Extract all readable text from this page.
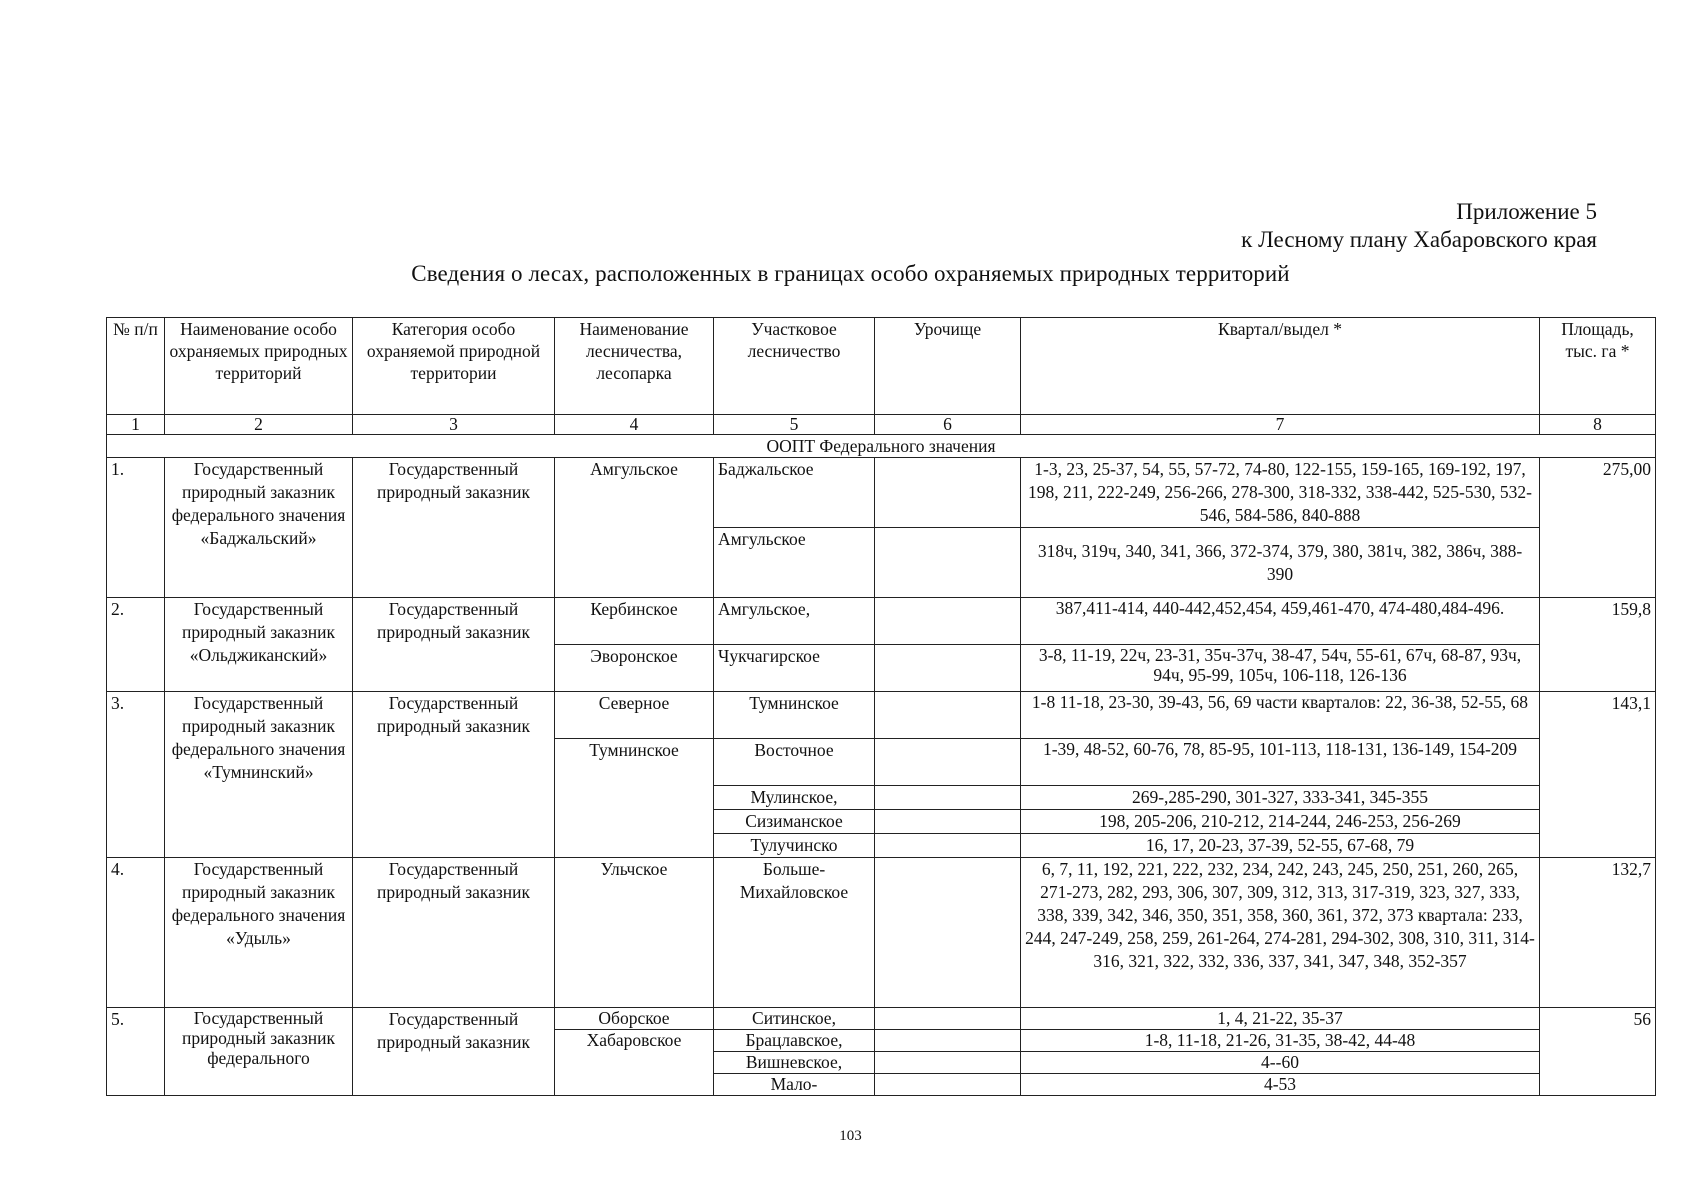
Приложение 5
к Лесному плану Хабаровского края
Сведения о лесах, расположенных в границах особо охраняемых природных территорий
№ п/п	Наименование особо охраняемых природных территорий	Категория особо охраняемой природной территории	Наименование лесничества, лесопарка	Участковое лесничество	Урочище	Квартал/выдел *	Площадь, тыс. га *
1	2	3	4	5	6	7	8
ООПТ Федерального значения							
1.	Государственный природный заказник федерального значения «Баджальский»	Государственный природный заказник	Амгульское	Баджальское		1-3, 23, 25-37, 54, 55, 57-72, 74-80, 122-155, 159-165, 169-192, 197, 198, 211, 222-249, 256-266, 278-300, 318-332, 338-442, 525-530, 532-546, 584-586, 840-888	275,00
				Амгульское		318ч, 319ч, 340, 341, 366, 372-374, 379, 380, 381ч, 382, 386ч, 388-390	
2.	Государственный природный заказник «Ольджиканский»	Государственный природный заказник	Кербинское	Амгульское,		387,411-414, 440-442,452,454, 459,461-470, 474-480,484-496.	159,8
			Эворонское	Чукчагирское		3-8, 11-19, 22ч, 23-31, 35ч-37ч, 38-47, 54ч, 55-61, 67ч, 68-87, 93ч, 94ч, 95-99, 105ч, 106-118, 126-136	
3.	Государственный природный заказник федерального значения «Тумнинский»	Государственный природный заказник	Северное	Тумнинское		1-8 11-18, 23-30, 39-43, 56, 69 части кварталов: 22, 36-38, 52-55, 68	143,1
			Тумнинское	Восточное		1-39, 48-52, 60-76, 78, 85-95, 101-113, 118-131, 136-149, 154-209	
				Мулинское,		269-,285-290, 301-327, 333-341, 345-355	
				Сизиманское		198, 205-206, 210-212, 214-244, 246-253, 256-269	
				Тулучинско		16, 17, 20-23, 37-39, 52-55, 67-68, 79	
4.	Государственный природный заказник федерального значения «Удыль»	Государственный природный заказник	Ульчское	Больше-Михайловское		6, 7, 11, 192, 221, 222, 232, 234, 242, 243, 245, 250, 251, 260, 265, 271-273, 282, 293, 306, 307, 309, 312, 313, 317-319, 323, 327, 333, 338, 339, 342, 346, 350, 351, 358, 360, 361, 372, 373 квартала: 233, 244, 247-249, 258, 259, 261-264, 274-281, 294-302, 308, 310, 311, 314-316, 321, 322, 332, 336, 337, 341, 347, 348, 352-357	132,7
5.	Государственный природный заказник федерального	Государственный природный заказник	Оборское	Ситинское,		1, 4, 21-22, 35-37	56
			Хабаровское	Брацлавское,		1-8, 11-18, 21-26, 31-35, 38-42, 44-48	
				Вишневское,		4--60	
				Мало-		4-53	
103
